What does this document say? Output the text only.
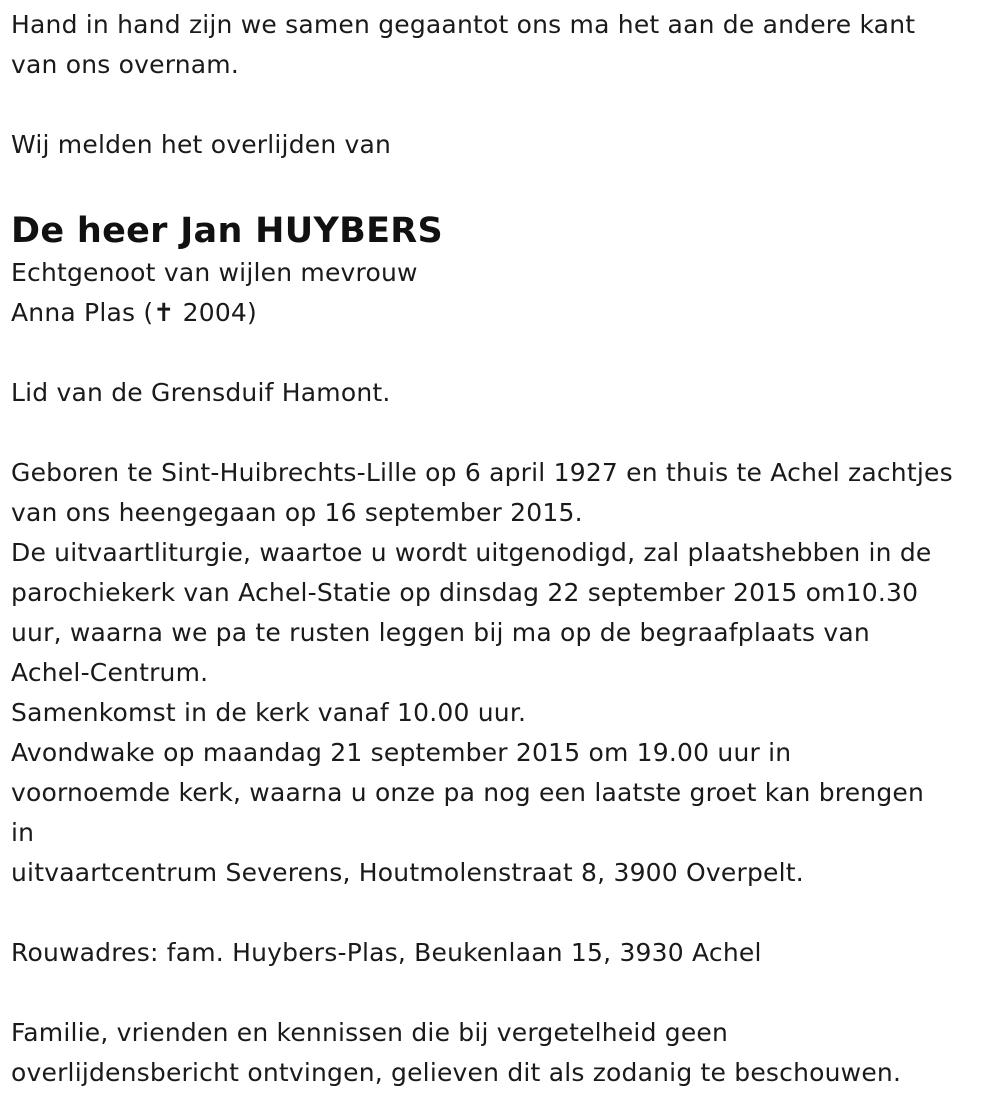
Hand in hand zijn we samen gegaantot ons ma het aan de andere kant
van ons overnam.
Wij melden het overlijden van
De heer Jan HUYBERS
Echtgenoot van wijlen mevrouw
Anna Plas (✝ 2004)
Lid van de Grensduif Hamont.
Geboren te Sint-Huibrechts-Lille op 6 april 1927 en thuis te Achel zachtjes
van ons heengegaan op 16 september 2015.
De uitvaartliturgie, waartoe u wordt uitgenodigd, zal plaatshebben in de
parochiekerk van Achel-Statie op dinsdag 22 september 2015 om10.30
uur, waarna we pa te rusten leggen bij ma op de begraafplaats van
Achel-Centrum.
Samenkomst in de kerk vanaf 10.00 uur.
Avondwake op maandag 21 september 2015 om 19.00 uur in
voornoemde kerk, waarna u onze pa nog een laatste groet kan brengen
in
uitvaartcentrum Severens, Houtmolenstraat 8, 3900 Overpelt.
Rouwadres: fam. Huybers-Plas, Beukenlaan 15, 3930 Achel
Familie, vrienden en kennissen die bij vergetelheid geen
overlijdensbericht ontvingen, gelieven dit als zodanig te beschouwen.
